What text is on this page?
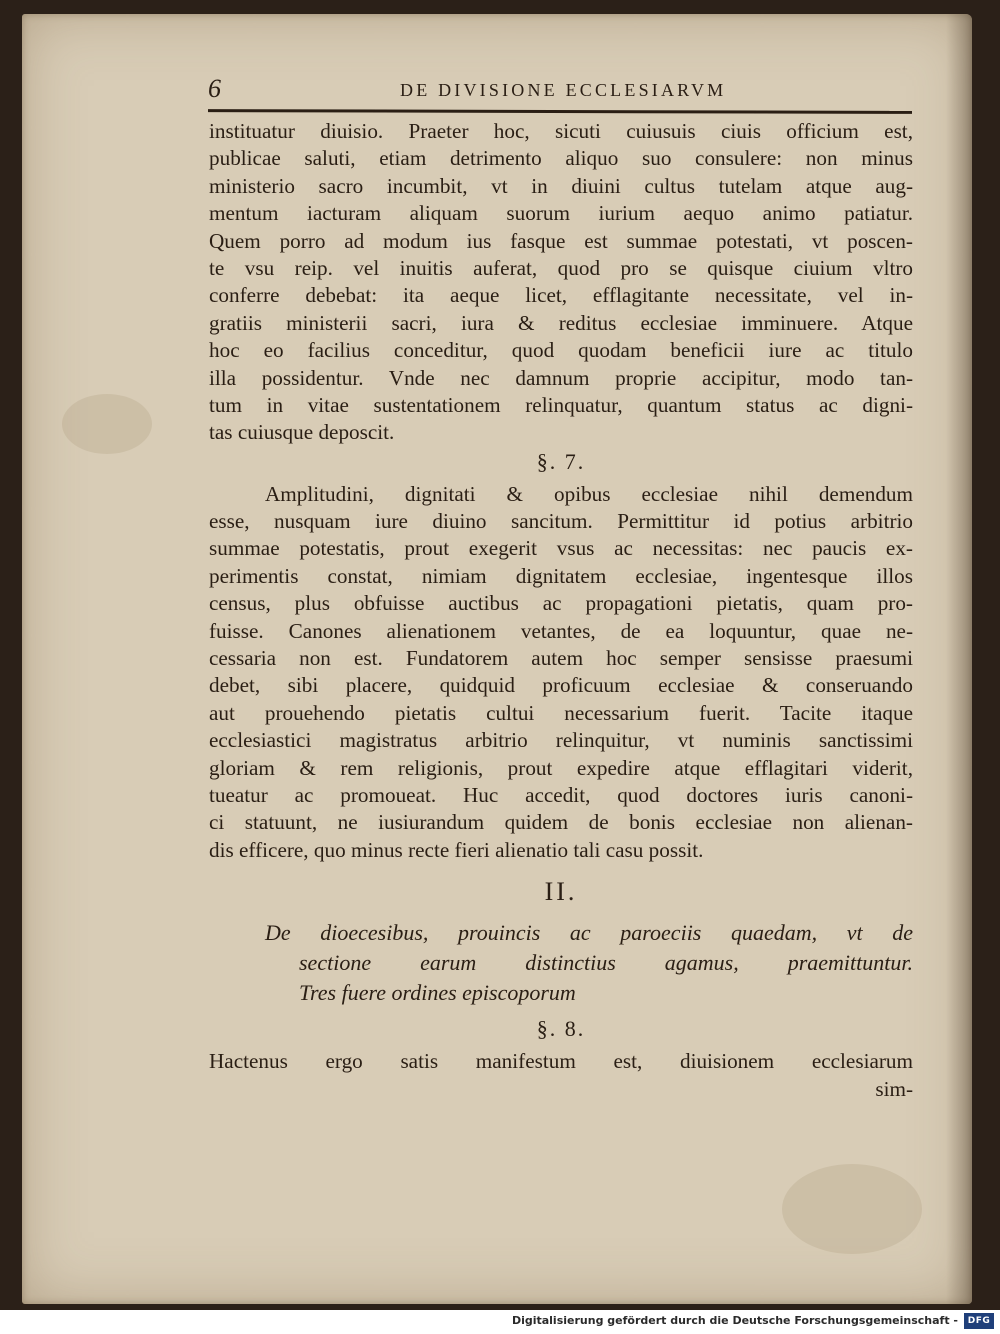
6	DE DIVISIONE ECCLESIARVM
instituatur diuisio. Praeter hoc, sicuti cuiusuis ciuis officium est,
publicae saluti, etiam detrimento aliquo suo consulere: non minus
ministerio sacro incumbit, vt in diuini cultus tutelam atque aug-
mentum iacturam aliquam suorum iurium aequo animo patiatur.
Quem porro ad modum ius fasque est summae potestati, vt poscen-
te vsu reip. vel inuitis auferat, quod pro se quisque ciuium vltro
conferre debebat: ita aeque licet, efflagitante necessitate, vel in-
gratiis ministerii sacri, iura & reditus ecclesiae imminuere. Atque
hoc eo facilius conceditur, quod quodam beneficii iure ac titulo
illa possidentur. Vnde nec damnum proprie accipitur, modo tan-
tum in vitae sustentationem relinquatur, quantum status ac digni-
tas cuiusque deposcit.
§. 7.
Amplitudini, dignitati & opibus ecclesiae nihil demendum
esse, nusquam iure diuino sancitum. Permittitur id potius arbitrio
summae potestatis, prout exegerit vsus ac necessitas: nec paucis ex-
perimentis constat, nimiam dignitatem ecclesiae, ingentesque illos
census, plus obfuisse auctibus ac propagationi pietatis, quam pro-
fuisse. Canones alienationem vetantes, de ea loquuntur, quae ne-
cessaria non est. Fundatorem autem hoc semper sensisse praesumi
debet, sibi placere, quidquid proficuum ecclesiae & conseruando
aut prouehendo pietatis cultui necessarium fuerit. Tacite itaque
ecclesiastici magistratus arbitrio relinquitur, vt numinis sanctissimi
gloriam & rem religionis, prout expedire atque efflagitari viderit,
tueatur ac promoueat. Huc accedit, quod doctores iuris canoni-
ci statuunt, ne iusiurandum quidem de bonis ecclesiae non alienan-
dis efficere, quo minus recte fieri alienatio tali casu possit.
II.
De dioecesibus, prouincis ac paroeciis quaedam, vt de
sectione earum distinctius agamus, praemittuntur.
Tres fuere ordines episcoporum
§. 8.
Hactenus ergo satis manifestum est, diuisionem ecclesiarum
sim-
Digitalisierung gefördert durch die Deutsche Forschungsgemeinschaft -	DFG
